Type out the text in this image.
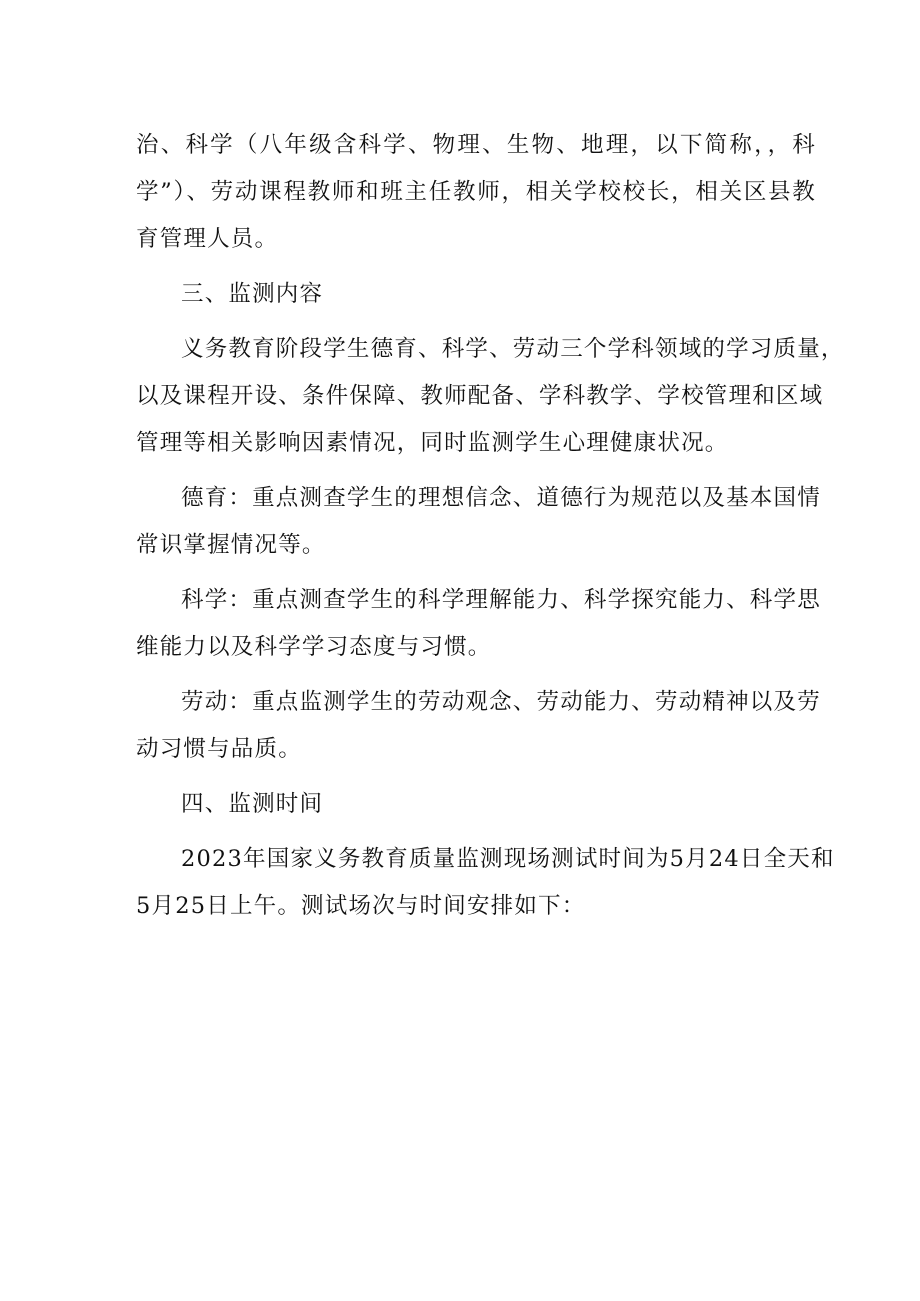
治、科学（八年级含科学、物理、生物、地理，以下简称，，科
学”）、劳动课程教师和班主任教师，相关学校校长，相关区县教
育管理人员。

三、监测内容

义务教育阶段学生德育、科学、劳动三个学科领域的学习质量，
以及课程开设、条件保障、教师配备、学科教学、学校管理和区域
管理等相关影响因素情况，同时监测学生心理健康状况。

德育：重点测查学生的理想信念、道德行为规范以及基本国情
常识掌握情况等。

科学：重点测查学生的科学理解能力、科学探究能力、科学思
维能力以及科学学习态度与习惯。

劳动：重点监测学生的劳动观念、劳动能力、劳动精神以及劳
动习惯与品质。

四、监测时间

2023年国家义务教育质量监测现场测试时间为5月24日全天和
5月25日上午。测试场次与时间安排如下：
